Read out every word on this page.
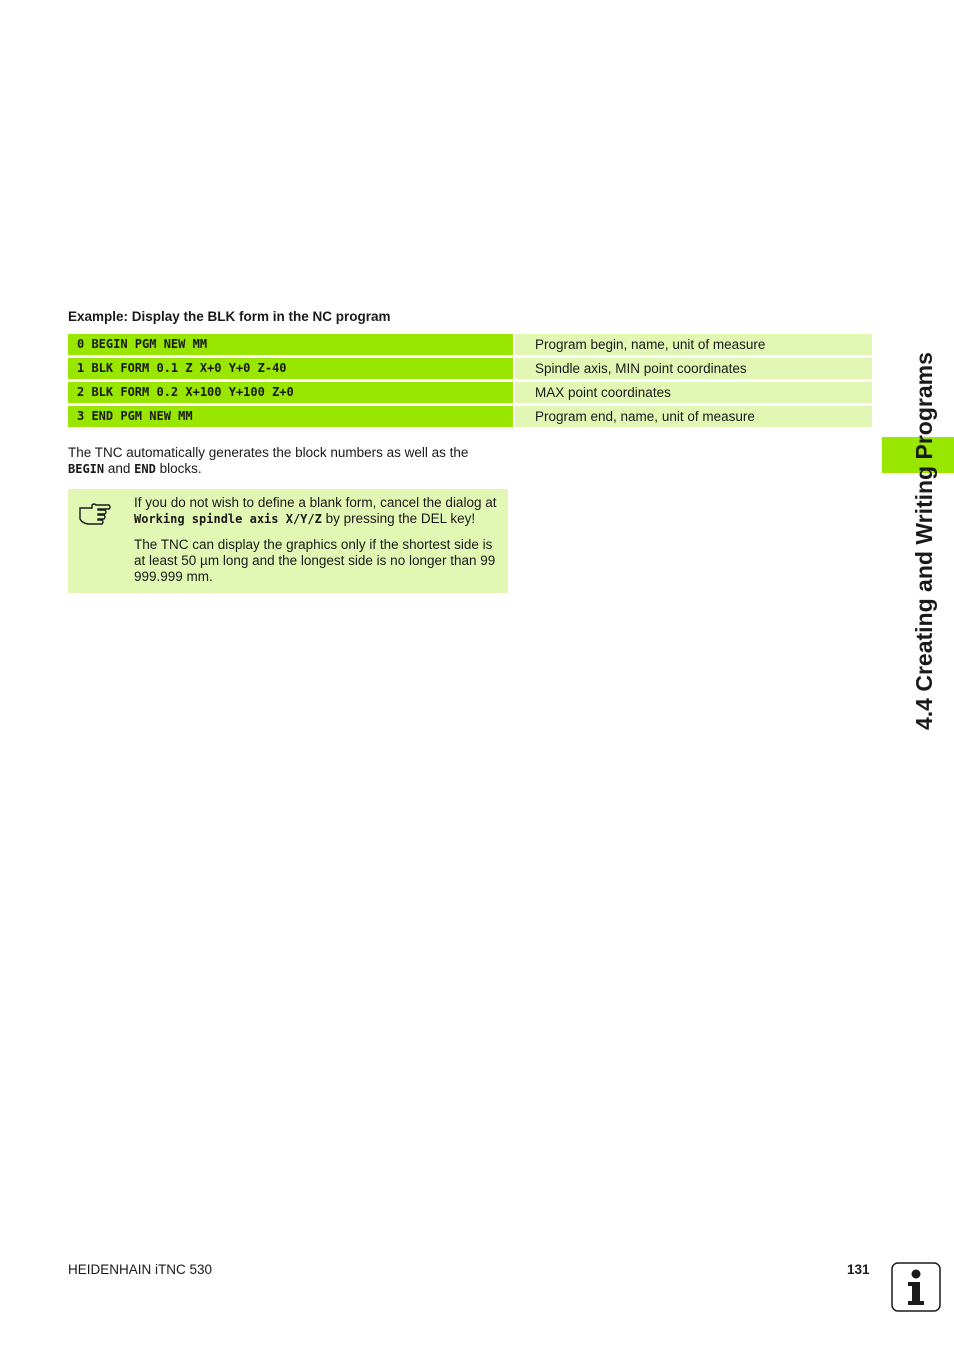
Example: Display the BLK form in the NC program
0 BEGIN PGM NEW MM	Program begin, name, unit of measure
1 BLK FORM 0.1 Z X+0 Y+0 Z-40	Spindle axis, MIN point coordinates
2 BLK FORM 0.2 X+100 Y+100 Z+0	MAX point coordinates
3 END PGM NEW MM	Program end, name, unit of measure
The TNC automatically generates the block numbers as well as the
BEGIN and END blocks.

If you do not wish to define a blank form, cancel the dialog at Working spindle axis X/Y/Z by pressing the DEL key!

The TNC can display the graphics only if the shortest side is at least 50 µm long and the longest side is no longer than 99 999.999 mm.	4.4 Creating and Writing Programs
HEIDENHAIN iTNC 530	131
